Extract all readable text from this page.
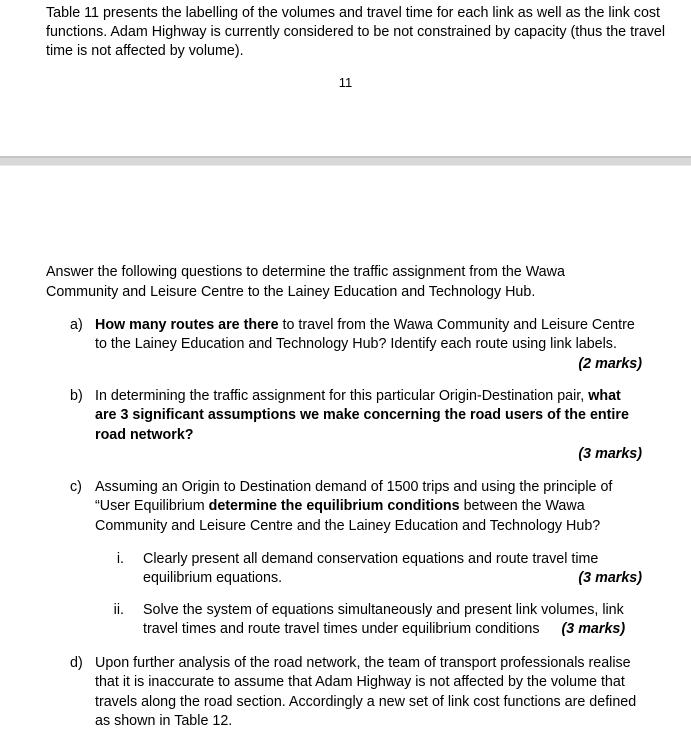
Table 11 presents the labelling of the volumes and travel time for each link as well as the link cost functions. Adam Highway is currently considered to be not constrained by capacity (thus the travel time is not affected by volume).

11

Answer the following questions to determine the traffic assignment from the Wawa Community and Leisure Centre to the Lainey Education and Technology Hub.

a) How many routes are there to travel from the Wawa Community and Leisure Centre to the Lainey Education and Technology Hub? Identify each route using link labels.
(2 marks)
b) In determining the traffic assignment for this particular Origin-Destination pair, what are 3 significant assumptions we make concerning the road users of the entire road network?
(3 marks)
c) Assuming an Origin to Destination demand of 1500 trips and using the principle of “User Equilibrium determine the equilibrium conditions between the Wawa Community and Leisure Centre and the Lainey Education and Technology Hub?
i. Clearly present all demand conservation equations and route travel time equilibrium equations.	(3 marks)
ii. Solve the system of equations simultaneously and present link volumes, link travel times and route travel times under equilibrium conditions (3 marks)
d) Upon further analysis of the road network, the team of transport professionals realise that it is inaccurate to assume that Adam Highway is not affected by the volume that travels along the road section. Accordingly a new set of link cost functions are defined as shown in Table 12.
